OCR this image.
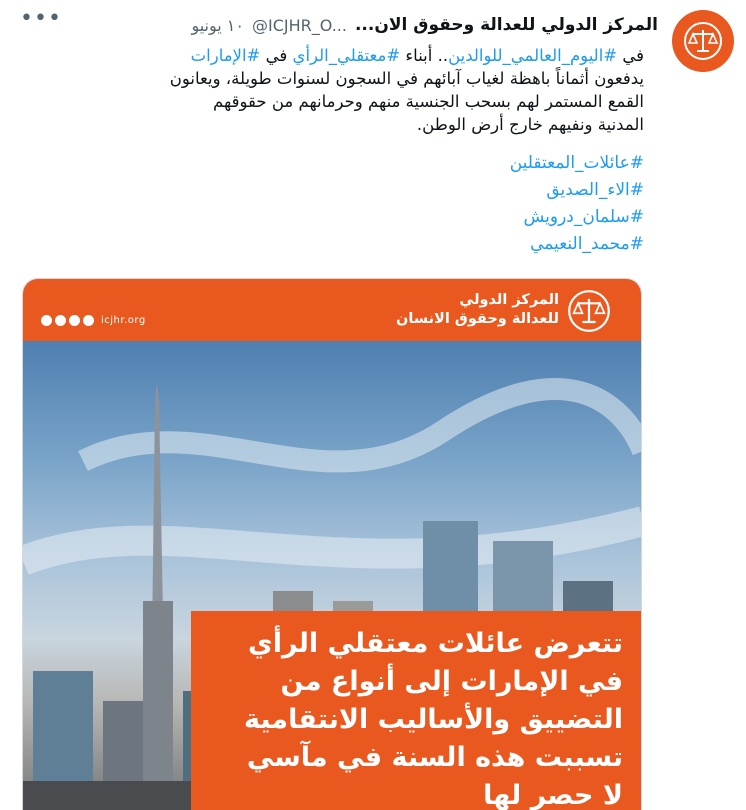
المركز الدولي للعدالة وحقوق الان...
@ICJHR_O...
١٠ يونيو
•••
في #اليوم_العالمي_للوالدين.. أبناء #معتقلي_الرأي في #الإمارات
يدفعون أثماناً باهظة لغياب آبائهم في السجون لسنوات طويلة، ويعانون
القمع المستمر لهم بسحب الجنسية منهم وحرمانهم من حقوقهم
المدنية ونفيهم خارج أرض الوطن.
#عائلات_المعتقلين
#الاء_الصديق
#سلمان_درويش
#محمد_النعيمي
المركز الدولي
للعدالة وحقوق الانسان
icjhr.org
تتعرض عائلات معتقلي الرأي
في الإمارات إلى أنواع من
التضييق والأساليب الانتقامية
تسببت هذه السنة في مآسي
لا حصر لها
